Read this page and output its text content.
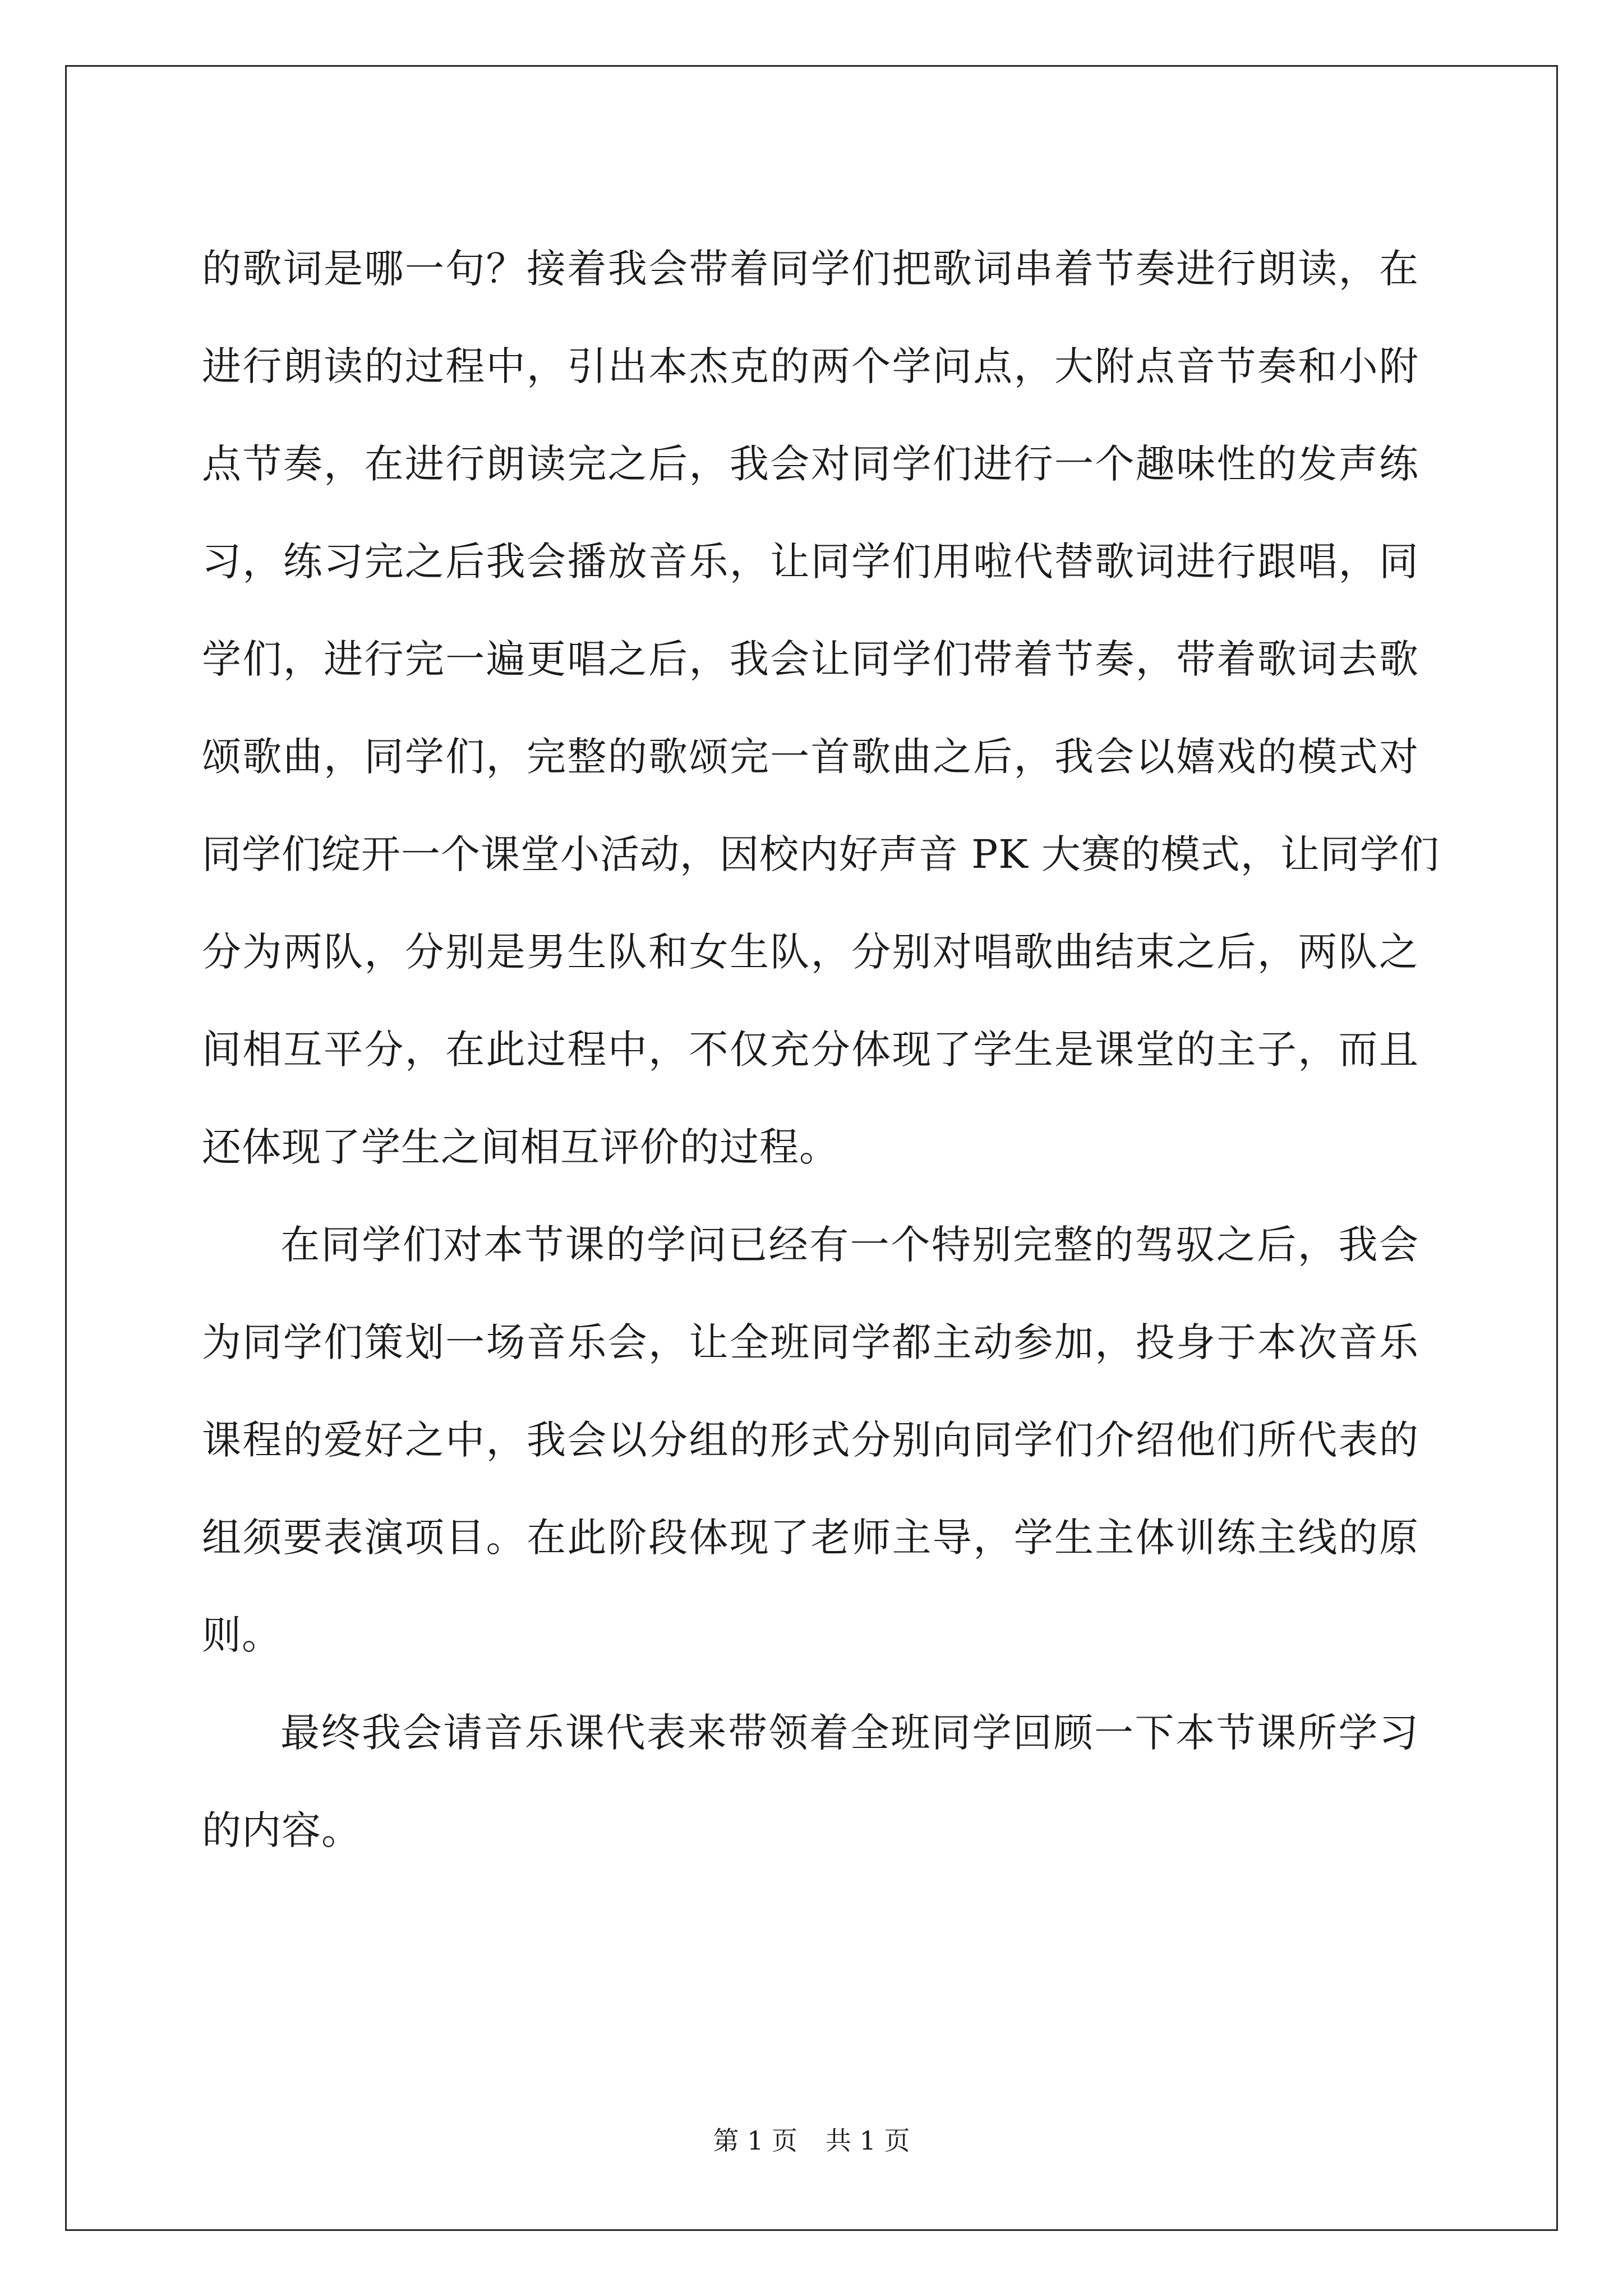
的歌词是哪一句？接着我会带着同学们把歌词串着节奏进行朗读，在
进行朗读的过程中，引出本杰克的两个学问点，大附点音节奏和小附
点节奏，在进行朗读完之后，我会对同学们进行一个趣味性的发声练
习，练习完之后我会播放音乐，让同学们用啦代替歌词进行跟唱，同
学们，进行完一遍更唱之后，我会让同学们带着节奏，带着歌词去歌
颂歌曲，同学们，完整的歌颂完一首歌曲之后，我会以嬉戏的模式对
同学们绽开一个课堂小活动，因校内好声音 PK 大赛的模式，让同学们
分为两队，分别是男生队和女生队，分别对唱歌曲结束之后，两队之
间相互平分，在此过程中，不仅充分体现了学生是课堂的主子，而且
还体现了学生之间相互评价的过程。
在同学们对本节课的学问已经有一个特别完整的驾驭之后，我会
为同学们策划一场音乐会，让全班同学都主动参加，投身于本次音乐
课程的爱好之中，我会以分组的形式分别向同学们介绍他们所代表的
组须要表演项目。在此阶段体现了老师主导，学生主体训练主线的原
则。
最终我会请音乐课代表来带领着全班同学回顾一下本节课所学习
的内容。
第 1 页 共 1 页
